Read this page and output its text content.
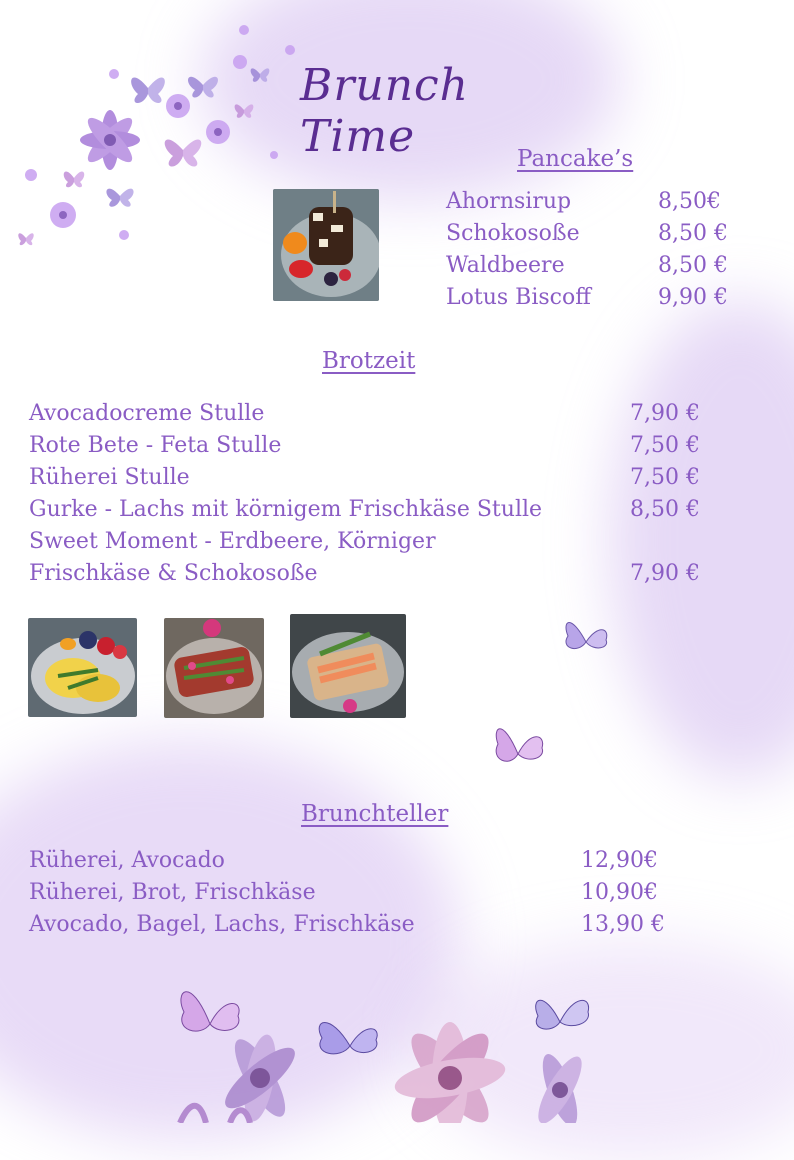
Brunch Time	Pancake’s
Ahornsirup	8,50€
Schokosoße	8,50 €
Waldbeere	8,50 €
Lotus Biscoff	9,90 €
Brotzeit
Avocadocreme Stulle	7,90 €
Rote Bete - Feta Stulle	7,50 €
Rüherei Stulle	7,50 €
Gurke - Lachs mit körnigem Frischkäse Stulle	8,50 €
Sweet Moment - Erdbeere, Körniger
Frischkäse & Schokosoße	7,90 €
Brunchteller
Rüherei, Avocado	12,90€
Rüherei, Brot, Frischkäse	10,90€
Avocado, Bagel, Lachs, Frischkäse	13,90 €
